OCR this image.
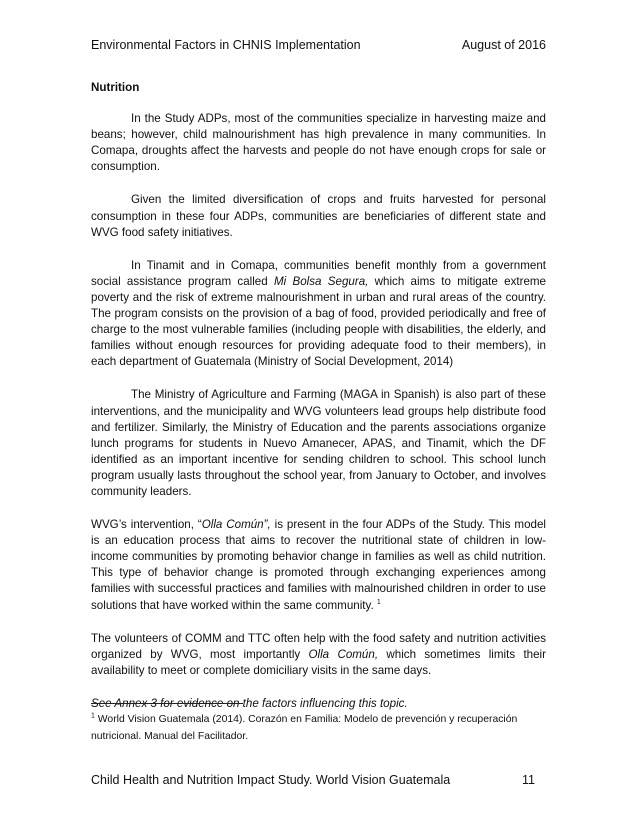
Environmental Factors in CHNIS Implementation	August of 2016
Nutrition

In the Study ADPs, most of the communities specialize in harvesting maize and beans; however, child malnourishment has high prevalence in many communities. In Comapa, droughts affect the harvests and people do not have enough crops for sale or consumption.

Given the limited diversification of crops and fruits harvested for personal consumption in these four ADPs, communities are beneficiaries of different state and WVG food safety initiatives.

In Tinamit and in Comapa, communities benefit monthly from a government social assistance program called Mi Bolsa Segura, which aims to mitigate extreme poverty and the risk of extreme malnourishment in urban and rural areas of the country. The program consists on the provision of a bag of food, provided periodically and free of charge to the most vulnerable families (including people with disabilities, the elderly, and families without enough resources for providing adequate food to their members), in each department of Guatemala (Ministry of Social Development, 2014)

The Ministry of Agriculture and Farming (MAGA in Spanish) is also part of these interventions, and the municipality and WVG volunteers lead groups help distribute food and fertilizer. Similarly, the Ministry of Education and the parents associations organize lunch programs for students in Nuevo Amanecer, APAS, and Tinamit, which the DF identified as an important incentive for sending children to school. This school lunch program usually lasts throughout the school year, from January to October, and involves community leaders.

WVG’s intervention, “Olla Común”, is present in the four ADPs of the Study. This model is an education process that aims to recover the nutritional state of children in low-income communities by promoting behavior change in families as well as child nutrition. This type of behavior change is promoted through exchanging experiences among families with successful practices and families with malnourished children in order to use solutions that have worked within the same community. $^1$

The volunteers of COMM and TTC often help with the food safety and nutrition activities organized by WVG, most importantly Olla Común, which sometimes limits their availability to meet or complete domiciliary visits in the same days.

See Annex 3 for evidence on the factors influencing this topic.

$^1$ World Vision Guatemala (2014). Corazón en Familia: Modelo de prevención y recuperación nutricional. Manual del Facilitador.
Child Health and Nutrition Impact Study. World Vision Guatemala	11
